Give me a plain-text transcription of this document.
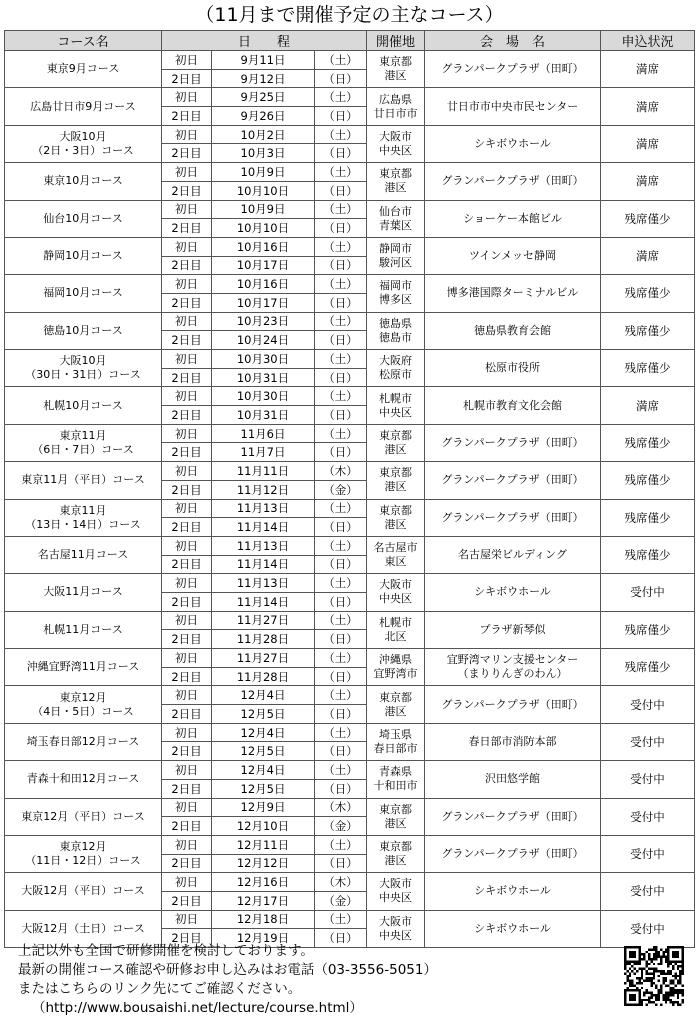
（11月まで開催予定の主なコース）
コース名	日　　程			開催地	会　場　名	申込状況
東京9月コース	初日	9月11日	（土）	東京都
港区	グランパークプラザ（田町）	満席
	2日目	9月12日	（日）			
広島廿日市9月コース	初日	9月25日	（土）	広島県
廿日市市	廿日市市中央市民センター	満席
	2日目	9月26日	（日）			
大阪10月
（2日・3日）コース	初日	10月2日	（土）	大阪市
中央区	シキボウホール	満席
	2日目	10月3日	（日）			
東京10月コース	初日	10月9日	（土）	東京都
港区	グランパークプラザ（田町）	満席
	2日目	10月10日	（日）			
仙台10月コース	初日	10月9日	（土）	仙台市
青葉区	ショーケー本館ビル	残席僅少
	2日目	10月10日	（日）			
静岡10月コース	初日	10月16日	（土）	静岡市
駿河区	ツインメッセ静岡	満席
	2日目	10月17日	（日）			
福岡10月コース	初日	10月16日	（土）	福岡市
博多区	博多港国際ターミナルビル	残席僅少
	2日目	10月17日	（日）			
徳島10月コース	初日	10月23日	（土）	徳島県
徳島市	徳島県教育会館	残席僅少
	2日目	10月24日	（日）			
大阪10月
（30日・31日）コース	初日	10月30日	（土）	大阪府
松原市	松原市役所	残席僅少
	2日目	10月31日	（日）			
札幌10月コース	初日	10月30日	（土）	札幌市
中央区	札幌市教育文化会館	満席
	2日目	10月31日	（日）			
東京11月
（6日・7日）コース	初日	11月6日	（土）	東京都
港区	グランパークプラザ（田町）	残席僅少
	2日目	11月7日	（日）			
東京11月（平日）コース	初日	11月11日	（木）	東京都
港区	グランパークプラザ（田町）	残席僅少
	2日目	11月12日	（金）			
東京11月
（13日・14日）コース	初日	11月13日	（土）	東京都
港区	グランパークプラザ（田町）	残席僅少
	2日目	11月14日	（日）			
名古屋11月コース	初日	11月13日	（土）	名古屋市
東区	名古屋栄ビルディング	残席僅少
	2日目	11月14日	（日）			
大阪11月コース	初日	11月13日	（土）	大阪市
中央区	シキボウホール	受付中
	2日目	11月14日	（日）			
札幌11月コース	初日	11月27日	（土）	札幌市
北区	プラザ新琴似	残席僅少
	2日目	11月28日	（日）			
沖縄宜野湾11月コース	初日	11月27日	（土）	沖縄県
宜野湾市	宜野湾マリン支援センター
（まりりんぎのわん）	残席僅少
	2日目	11月28日	（日）			
東京12月
（4日・5日）コース	初日	12月4日	（土）	東京都
港区	グランパークプラザ（田町）	受付中
	2日目	12月5日	（日）			
埼玉春日部12月コース	初日	12月4日	（土）	埼玉県
春日部市	春日部市消防本部	受付中
	2日目	12月5日	（日）			
青森十和田12月コース	初日	12月4日	（土）	青森県
十和田市	沢田悠学館	受付中
	2日目	12月5日	（日）			
東京12月（平日）コース	初日	12月9日	（木）	東京都
港区	グランパークプラザ（田町）	受付中
	2日目	12月10日	（金）			
東京12月
（11日・12日）コース	初日	12月11日	（土）	東京都
港区	グランパークプラザ（田町）	受付中
	2日目	12月12日	（日）			
大阪12月（平日）コース	初日	12月16日	（木）	大阪市
中央区	シキボウホール	受付中
	2日目	12月17日	（金）			
大阪12月（土日）コース	初日	12月18日	（土）	大阪市
中央区	シキボウホール	受付中
	2日目	12月19日	（日）			
上記以外も全国で研修開催を検討しております。
最新の開催コース確認や研修お申し込みはお電話（03-3556-5051）
またはこちらのリンク先にてご確認ください。
（http://www.bousaishi.net/lecture/course.html）
